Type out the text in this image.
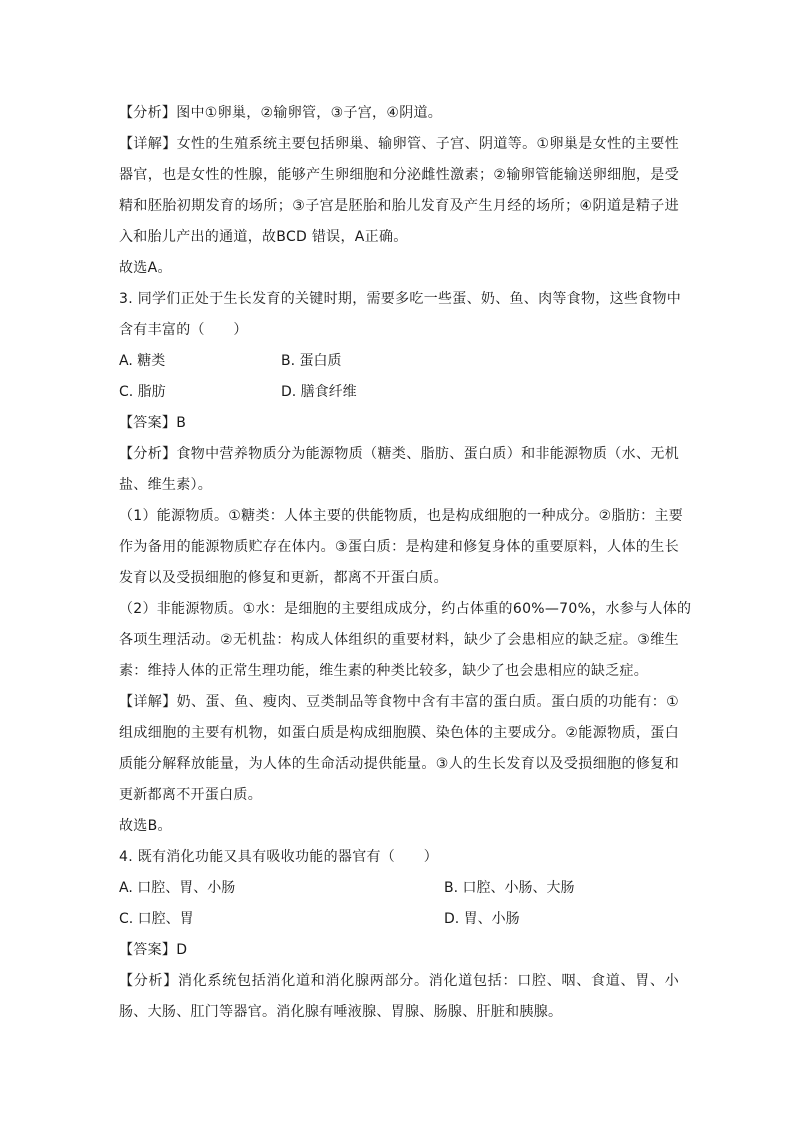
【分析】图中①卵巢，②输卵管，③子宫，④阴道。
【详解】女性的生殖系统主要包括卵巢、输卵管、子宫、阴道等。①卵巢是女性的主要性
器官，也是女性的性腺，能够产生卵细胞和分泌雌性激素；②输卵管能输送卵细胞，是受
精和胚胎初期发育的场所；③子宫是胚胎和胎儿发育及产生月经的场所；④阴道是精子进
入和胎儿产出的通道，故BCD 错误，A正确。
故选A。
3. 同学们正处于生长发育的关键时期，需要多吃一些蛋、奶、鱼、肉等食物，这些食物中
含有丰富的（　　）
A. 糖类	B. 蛋白质
C. 脂肪	D. 膳食纤维
【答案】B
【分析】食物中营养物质分为能源物质（糖类、脂肪、蛋白质）和非能源物质（水、无机
盐、维生素）。
（1）能源物质。①糖类：人体主要的供能物质，也是构成细胞的一种成分。②脂肪：主要
作为备用的能源物质贮存在体内。③蛋白质：是构建和修复身体的重要原料，人体的生长
发育以及受损细胞的修复和更新，都离不开蛋白质。
（2）非能源物质。①水：是细胞的主要组成成分，约占体重的60%—70%，水参与人体的
各项生理活动。②无机盐：构成人体组织的重要材料，缺少了会患相应的缺乏症。③维生
素：维持人体的正常生理功能，维生素的种类比较多，缺少了也会患相应的缺乏症。
【详解】奶、蛋、鱼、瘦肉、豆类制品等食物中含有丰富的蛋白质。蛋白质的功能有：①
组成细胞的主要有机物，如蛋白质是构成细胞膜、染色体的主要成分。②能源物质，蛋白
质能分解释放能量，为人体的生命活动提供能量。③人的生长发育以及受损细胞的修复和
更新都离不开蛋白质。
故选B。
4. 既有消化功能又具有吸收功能的器官有（　　）
A. 口腔、胃、小肠	B. 口腔、小肠、大肠
C. 口腔、胃	D. 胃、小肠
【答案】D
【分析】消化系统包括消化道和消化腺两部分。消化道包括：口腔、咽、食道、胃、小
肠、大肠、肛门等器官。消化腺有唾液腺、胃腺、肠腺、肝脏和胰腺。
